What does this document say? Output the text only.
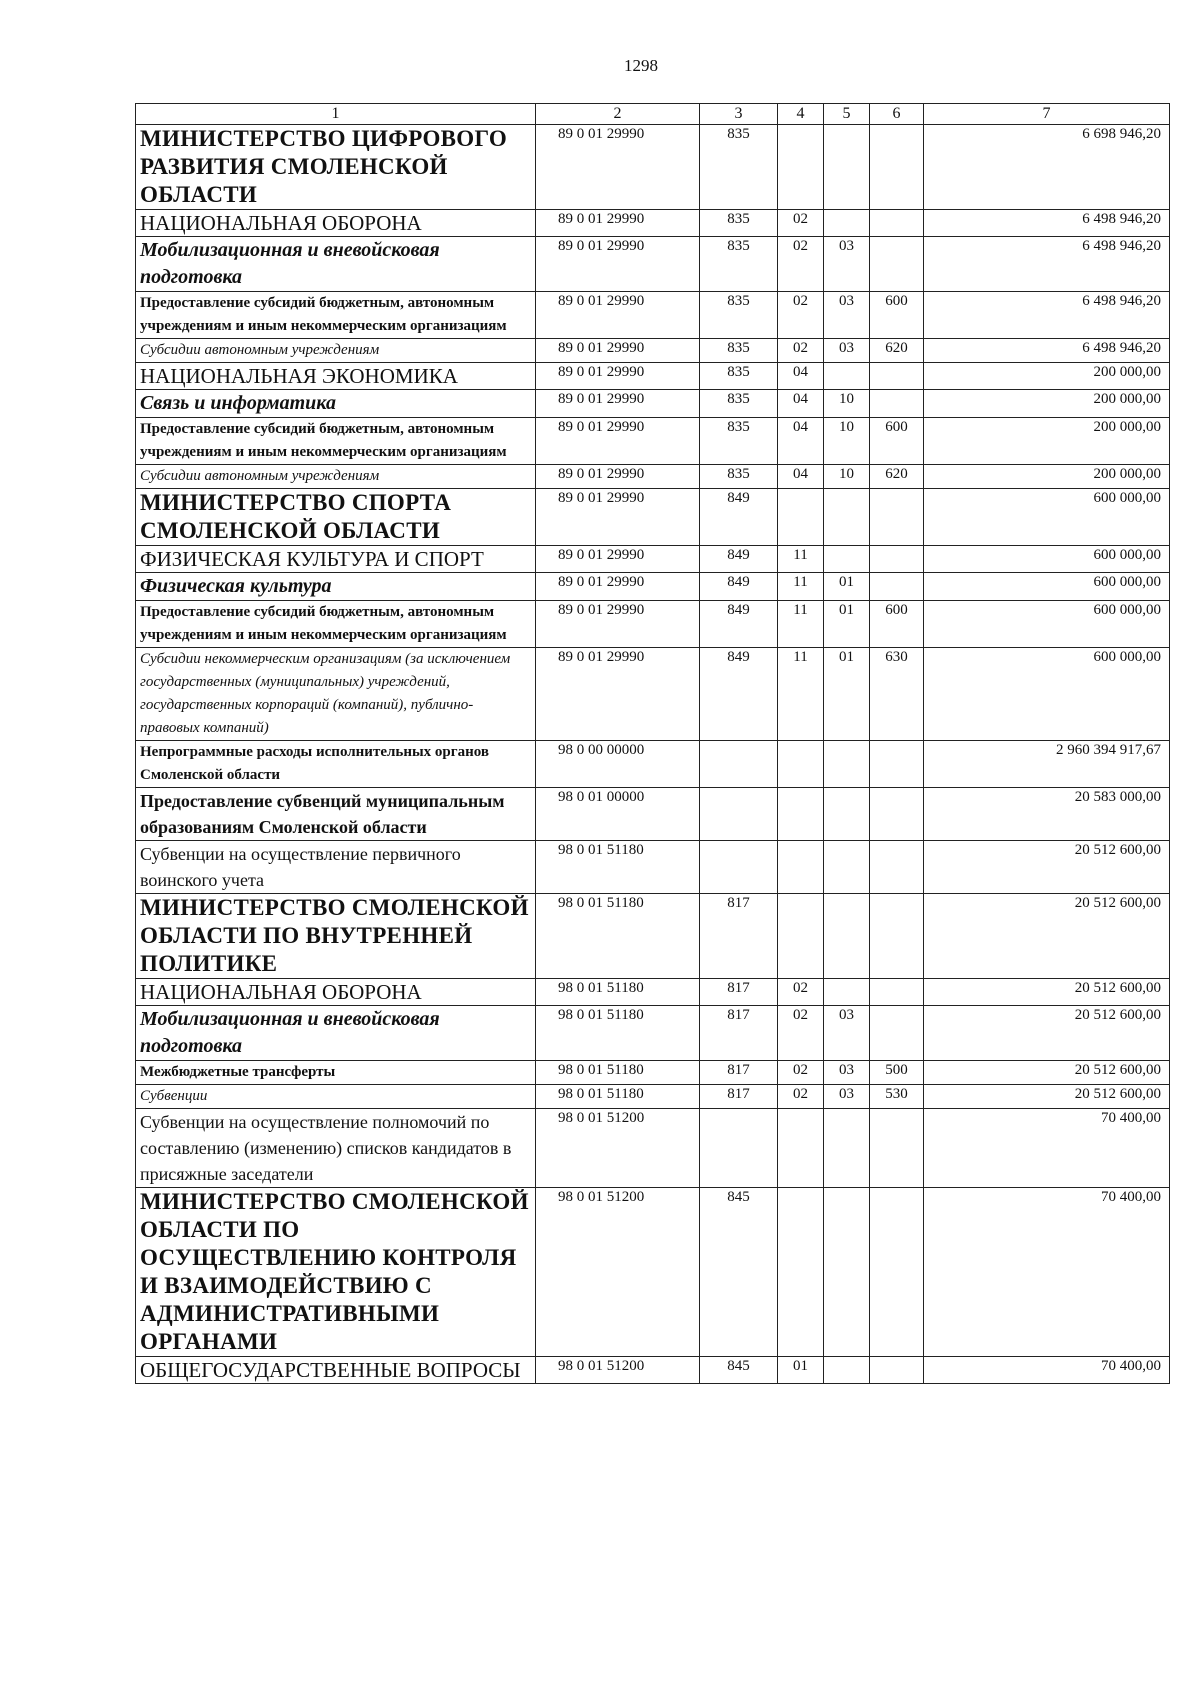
1298
1	2	3	4	5	6	7
МИНИСТЕРСТВО ЦИФРОВОГО РАЗВИТИЯ СМОЛЕНСКОЙ ОБЛАСТИ	89 0 01 29990	835				6 698 946,20
НАЦИОНАЛЬНАЯ ОБОРОНА	89 0 01 29990	835	02			6 498 946,20
Мобилизационная и вневойсковая подготовка	89 0 01 29990	835	02	03		6 498 946,20
Предоставление субсидий бюджетным, автономным учреждениям и иным некоммерческим организациям	89 0 01 29990	835	02	03	600	6 498 946,20
Субсидии автономным учреждениям	89 0 01 29990	835	02	03	620	6 498 946,20
НАЦИОНАЛЬНАЯ ЭКОНОМИКА	89 0 01 29990	835	04			200 000,00
Связь и информатика	89 0 01 29990	835	04	10		200 000,00
Предоставление субсидий бюджетным, автономным учреждениям и иным некоммерческим организациям	89 0 01 29990	835	04	10	600	200 000,00
Субсидии автономным учреждениям	89 0 01 29990	835	04	10	620	200 000,00
МИНИСТЕРСТВО СПОРТА СМОЛЕНСКОЙ ОБЛАСТИ	89 0 01 29990	849				600 000,00
ФИЗИЧЕСКАЯ КУЛЬТУРА И СПОРТ	89 0 01 29990	849	11			600 000,00
Физическая культура	89 0 01 29990	849	11	01		600 000,00
Предоставление субсидий бюджетным, автономным учреждениям и иным некоммерческим организациям	89 0 01 29990	849	11	01	600	600 000,00
Субсидии некоммерческим организациям (за исключением государственных (муниципальных) учреждений, государственных корпораций (компаний), публично-правовых компаний)	89 0 01 29990	849	11	01	630	600 000,00
Непрограммные расходы исполнительных органов Смоленской области	98 0 00 00000					2 960 394 917,67
Предоставление субвенций муниципальным образованиям Смоленской области	98 0 01 00000					20 583 000,00
Субвенции на осуществление первичного воинского учета	98 0 01 51180					20 512 600,00
МИНИСТЕРСТВО СМОЛЕНСКОЙ ОБЛАСТИ ПО ВНУТРЕННЕЙ ПОЛИТИКЕ	98 0 01 51180	817				20 512 600,00
НАЦИОНАЛЬНАЯ ОБОРОНА	98 0 01 51180	817	02			20 512 600,00
Мобилизационная и вневойсковая подготовка	98 0 01 51180	817	02	03		20 512 600,00
Межбюджетные трансферты	98 0 01 51180	817	02	03	500	20 512 600,00
Субвенции	98 0 01 51180	817	02	03	530	20 512 600,00
Субвенции на осуществление полномочий по составлению (изменению) списков кандидатов в присяжные заседатели	98 0 01 51200					70 400,00
МИНИСТЕРСТВО СМОЛЕНСКОЙ ОБЛАСТИ ПО ОСУЩЕСТВЛЕНИЮ КОНТРОЛЯ И ВЗАИМОДЕЙСТВИЮ С АДМИНИСТРАТИВНЫМИ ОРГАНАМИ	98 0 01 51200	845				70 400,00
ОБЩЕГОСУДАРСТВЕННЫЕ ВОПРОСЫ	98 0 01 51200	845	01			70 400,00
